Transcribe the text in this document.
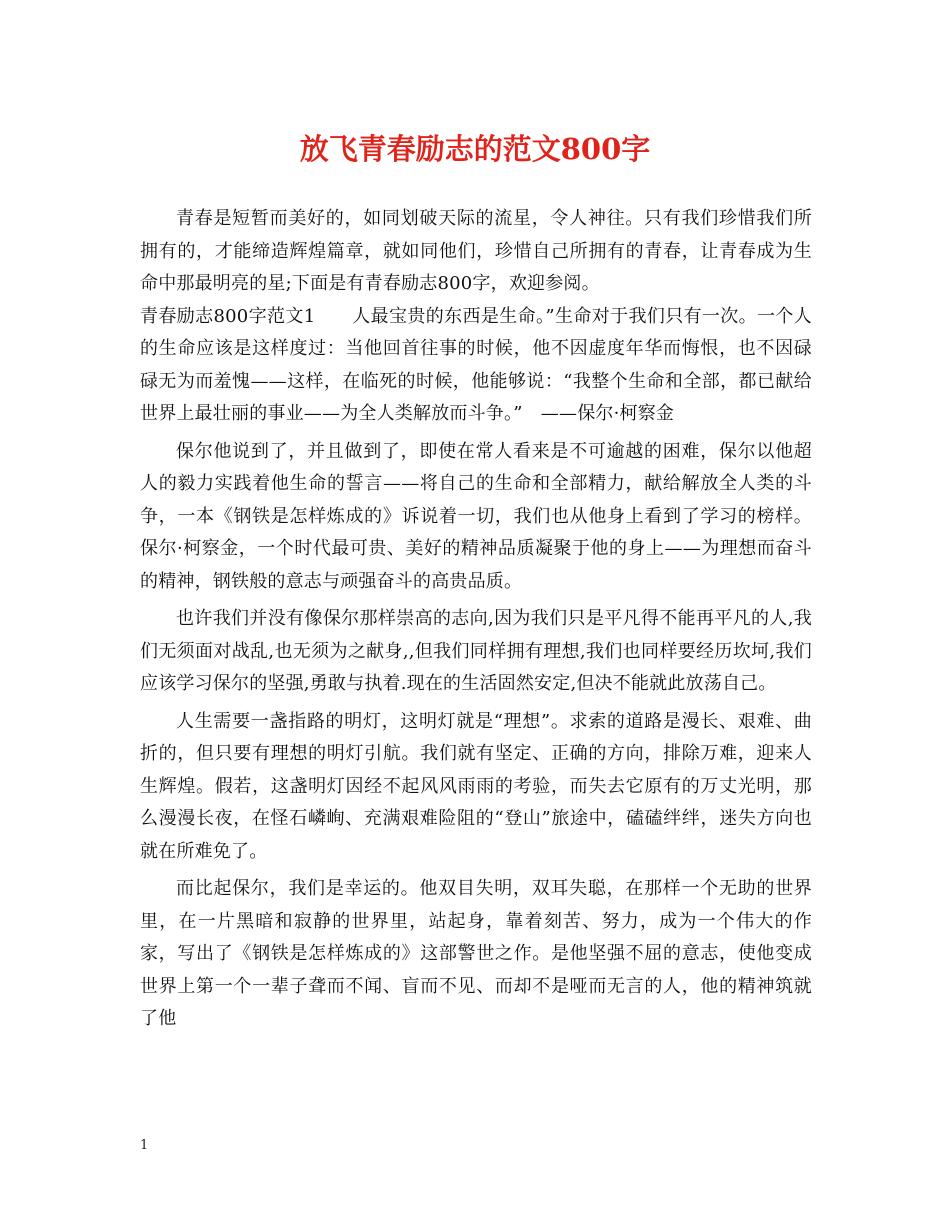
放飞青春励志的范文800字

青春是短暂而美好的，如同划破天际的流星，令人神往。只有我们珍惜我们所拥有的，才能缔造辉煌篇章，就如同他们，珍惜自己所拥有的青春，让青春成为生命中那最明亮的星;下面是有青春励志800字，欢迎参阅。

青春励志800字范文1　　人最宝贵的东西是生命。”生命对于我们只有一次。一个人的生命应该是这样度过：当他回首往事的时候，他不因虚度年华而悔恨，也不因碌碌无为而羞愧——这样，在临死的时候，他能够说：“我整个生命和全部，都已献给世界上最壮丽的事业——为全人类解放而斗争。”　——保尔·柯察金

保尔他说到了，并且做到了，即使在常人看来是不可逾越的困难，保尔以他超人的毅力实践着他生命的誓言——将自己的生命和全部精力，献给解放全人类的斗争，一本《钢铁是怎样炼成的》诉说着一切，我们也从他身上看到了学习的榜样。保尔·柯察金，一个时代最可贵、美好的精神品质凝聚于他的身上——为理想而奋斗的精神，钢铁般的意志与顽强奋斗的高贵品质。

也许我们并没有像保尔那样崇高的志向,因为我们只是平凡得不能再平凡的人,我们无须面对战乱,也无须为之献身,,但我们同样拥有理想,我们也同样要经历坎坷,我们应该学习保尔的坚强,勇敢与执着.现在的生活固然安定,但决不能就此放荡自己。

人生需要一盏指路的明灯，这明灯就是“理想”。求索的道路是漫长、艰难、曲折的，但只要有理想的明灯引航。我们就有坚定、正确的方向，排除万难，迎来人生辉煌。假若，这盏明灯因经不起风风雨雨的考验，而失去它原有的万丈光明，那么漫漫长夜，在怪石嶙峋、充满艰难险阻的“登山”旅途中，磕磕绊绊，迷失方向也就在所难免了。

而比起保尔，我们是幸运的。他双目失明，双耳失聪，在那样一个无助的世界里，在一片黑暗和寂静的世界里，站起身，靠着刻苦、努力，成为一个伟大的作家，写出了《钢铁是怎样炼成的》这部警世之作。是他坚强不屈的意志，使他变成世界上第一个一辈子聋而不闻、盲而不见、而却不是哑而无言的人，他的精神筑就了他

1
